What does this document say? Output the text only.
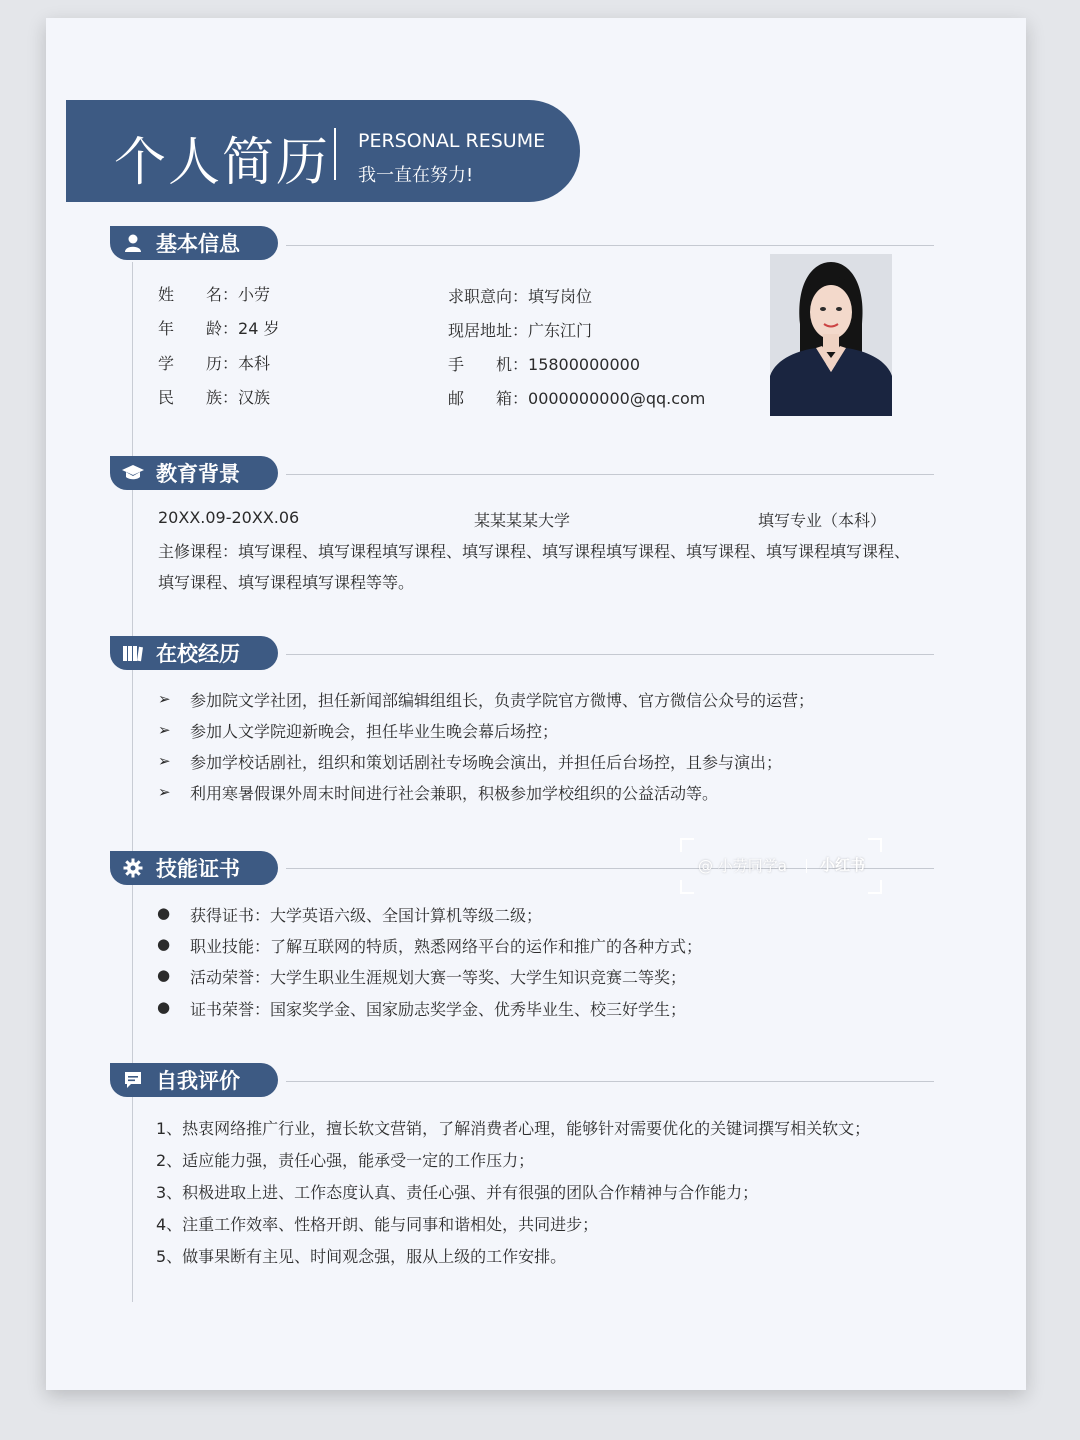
个人简历 PERSONAL RESUME
我一直在努力!
基本信息
姓　　名：小劳
年　　龄：24 岁
学　　历：本科
民　　族：汉族
求职意向：填写岗位
现居地址：广东江门
手　　机：15800000000
邮　　箱：0000000000@qq.com
教育背景
20XX.09-20XX.06	某某某某大学	填写专业（本科）
主修课程：填写课程、填写课程填写课程、填写课程、填写课程填写课程、填写课程、填写课程填写课程、
填写课程、填写课程填写课程等等。
在校经历
➢ 参加院文学社团，担任新闻部编辑组组长，负责学院官方微博、官方微信公众号的运营；
➢ 参加人文学院迎新晚会，担任毕业生晚会幕后场控；
➢ 参加学校话剧社，组织和策划话剧社专场晚会演出，并担任后台场控，且参与演出；
➢ 利用寒暑假课外周末时间进行社会兼职，积极参加学校组织的公益活动等。
技能证书
● 获得证书：大学英语六级、全国计算机等级二级；
● 职业技能：了解互联网的特质，熟悉网络平台的运作和推广的各种方式；
● 活动荣誉：大学生职业生涯规划大赛一等奖、大学生知识竞赛二等奖；
● 证书荣誉：国家奖学金、国家励志奖学金、优秀毕业生、校三好学生；
自我评价
1、热衷网络推广行业，擅长软文营销，了解消费者心理，能够针对需要优化的关键词撰写相关软文；
2、适应能力强，责任心强，能承受一定的工作压力；
3、积极进取上进、工作态度认真、责任心强、并有很强的团队合作精神与合作能力；
4、注重工作效率、性格开朗、能与同事和谐相处，共同进步；
5、做事果断有主见、时间观念强，服从上级的工作安排。
@ 小劳同学a 小红书
